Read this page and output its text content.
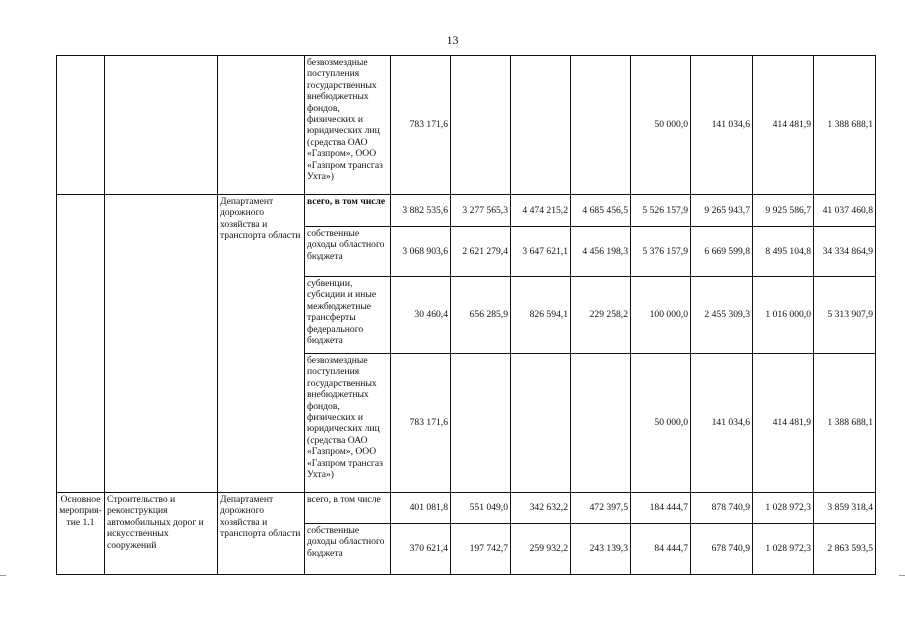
13
			безвозмездные поступления государственных внебюджетных фондов, физических и юридических лиц (средства ОАО «Газпром», ООО «Газпром трансгаз Ухта»)	783 171,6				50 000,0	141 034,6	414 481,9	1 388 688,1
		Департамент дорожного хозяйства и транспорта области	всего, в том числе	3 882 535,6	3 277 565,3	4 474 215,2	4 685 456,5	5 526 157,9	9 265 943,7	9 925 586,7	41 037 460,8
			собственные доходы областного бюджета	3 068 903,6	2 621 279,4	3 647 621,1	4 456 198,3	5 376 157,9	6 669 599,8	8 495 104,8	34 334 864,9
			субвенции, субсидии и иные межбюджетные трансферты федерального бюджета	30 460,4	656 285,9	826 594,1	229 258,2	100 000,0	2 455 309,3	1 016 000,0	5 313 907,9
			безвозмездные поступления государственных внебюджетных фондов, физических и юридических лиц (средства ОАО «Газпром», ООО «Газпром трансгаз Ухта»)	783 171,6				50 000,0	141 034,6	414 481,9	1 388 688,1
Основное мероприя-тие 1.1	Строительство и реконструкция автомобильных дорог и искусственных сооружений	Департамент дорожного хозяйства и транспорта области	всего, в том числе	401 081,8	551 049,0	342 632,2	472 397,5	184 444,7	878 740,9	1 028 972,3	3 859 318,4
			собственные доходы областного бюджета	370 621,4	197 742,7	259 932,2	243 139,3	84 444,7	678 740,9	1 028 972,3	2 863 593,5
